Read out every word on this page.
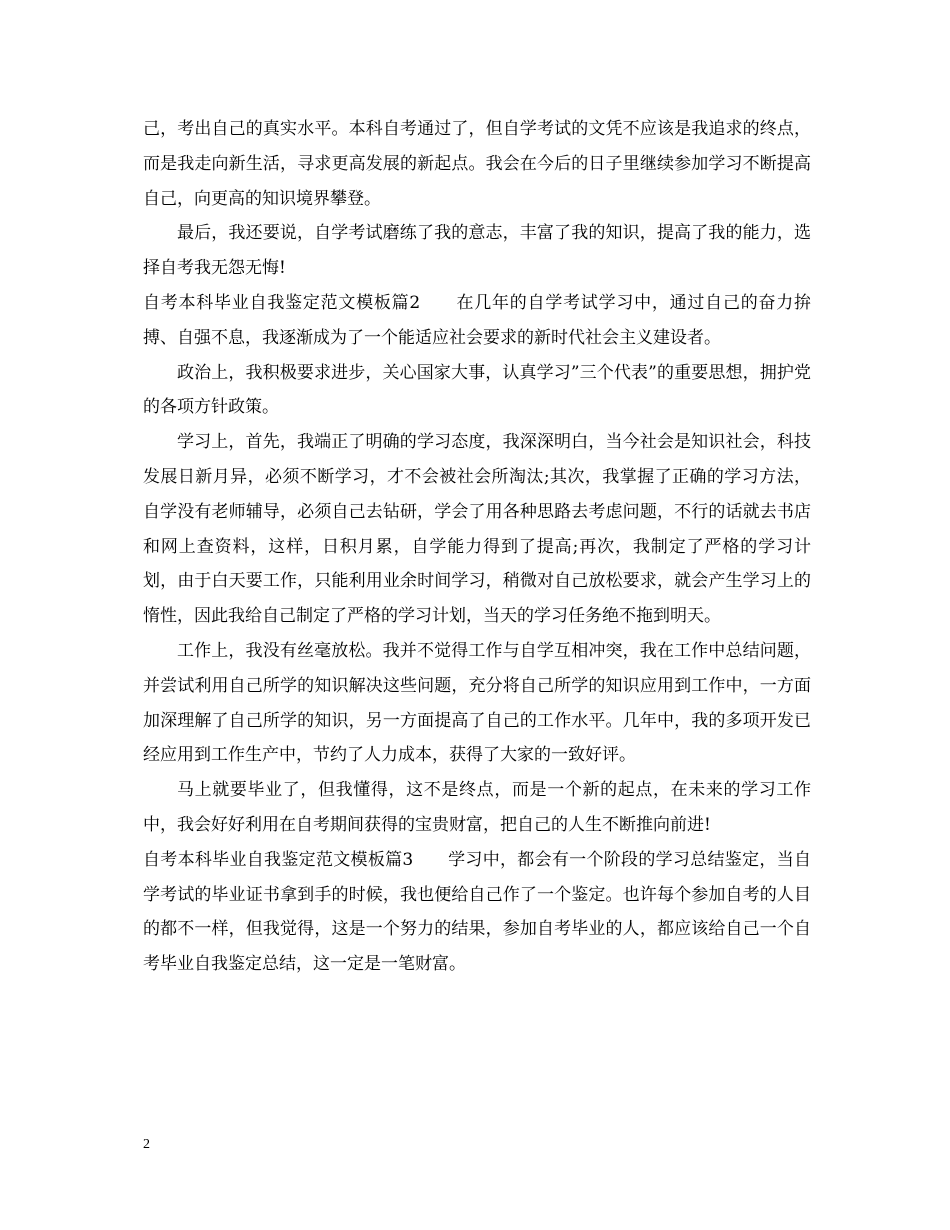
己，考出自己的真实水平。本科自考通过了，但自学考试的文凭不应该是我追求的终点，而是我走向新生活，寻求更高发展的新起点。我会在今后的日子里继续参加学习不断提高自己，向更高的知识境界攀登。

最后，我还要说，自学考试磨练了我的意志，丰富了我的知识，提高了我的能力，选择自考我无怨无悔!

自考本科毕业自我鉴定范文模板篇2　　在几年的自学考试学习中，通过自己的奋力拚搏、自强不息，我逐渐成为了一个能适应社会要求的新时代社会主义建设者。

政治上，我积极要求进步，关心国家大事，认真学习”三个代表”的重要思想，拥护党的各项方针政策。

学习上，首先，我端正了明确的学习态度，我深深明白，当今社会是知识社会，科技发展日新月异，必须不断学习，才不会被社会所淘汰;其次，我掌握了正确的学习方法，自学没有老师辅导，必须自己去钻研，学会了用各种思路去考虑问题，不行的话就去书店和网上查资料，这样，日积月累，自学能力得到了提高;再次，我制定了严格的学习计划，由于白天要工作，只能利用业余时间学习，稍微对自己放松要求，就会产生学习上的惰性，因此我给自己制定了严格的学习计划，当天的学习任务绝不拖到明天。

工作上，我没有丝毫放松。我并不觉得工作与自学互相冲突，我在工作中总结问题，并尝试利用自己所学的知识解决这些问题，充分将自己所学的知识应用到工作中，一方面加深理解了自己所学的知识，另一方面提高了自己的工作水平。几年中，我的多项开发已经应用到工作生产中，节约了人力成本，获得了大家的一致好评。

马上就要毕业了，但我懂得，这不是终点，而是一个新的起点，在未来的学习工作中，我会好好利用在自考期间获得的宝贵财富，把自己的人生不断推向前进!

自考本科毕业自我鉴定范文模板篇3　　学习中，都会有一个阶段的学习总结鉴定，当自学考试的毕业证书拿到手的时候，我也便给自己作了一个鉴定。也许每个参加自考的人目的都不一样，但我觉得，这是一个努力的结果，参加自考毕业的人，都应该给自己一个自考毕业自我鉴定总结，这一定是一笔财富。

2
